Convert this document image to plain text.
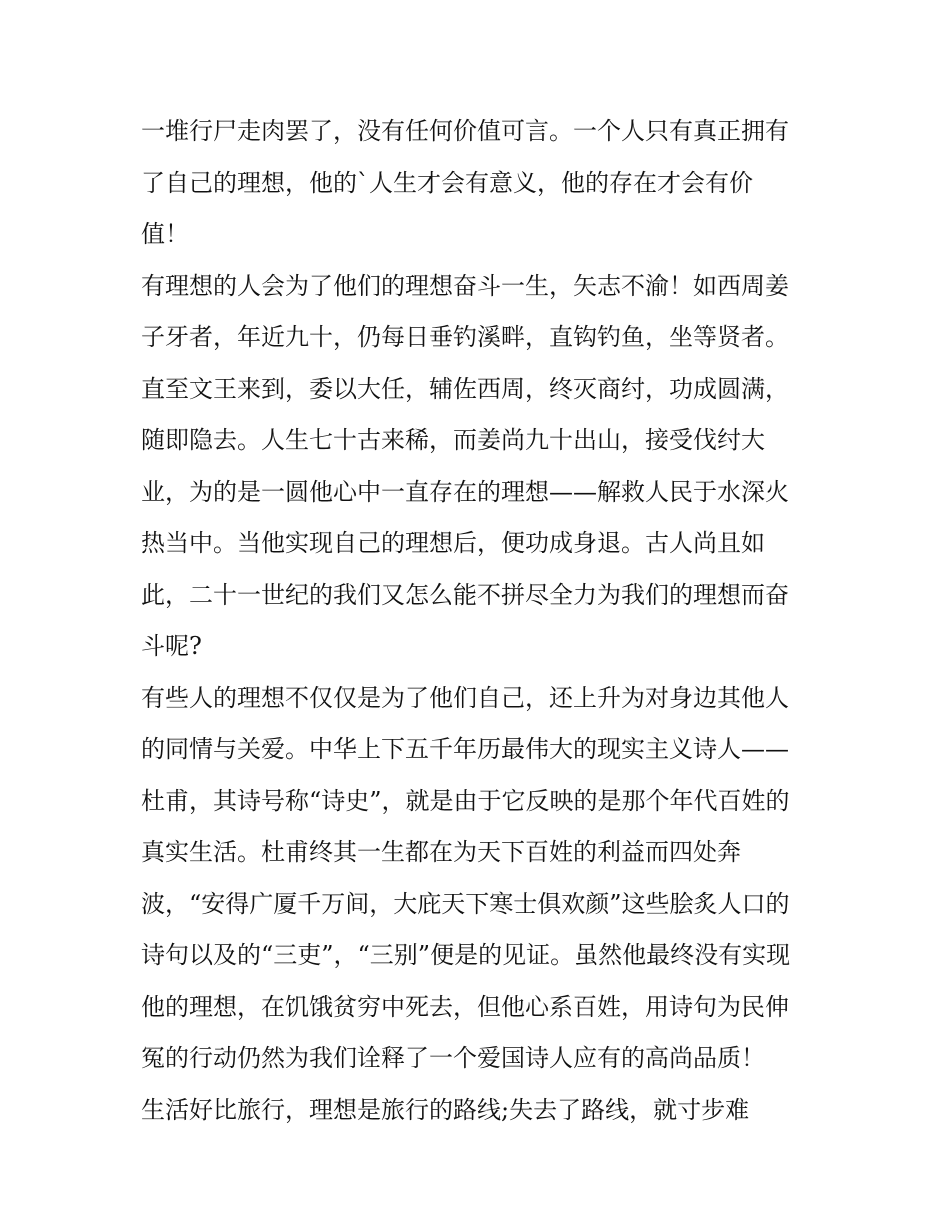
一堆行尸走肉罢了，没有任何价值可言。一个人只有真正拥有
了自己的理想，他的`人生才会有意义，他的存在才会有价
值！
有理想的人会为了他们的理想奋斗一生，矢志不渝！如西周姜
子牙者，年近九十，仍每日垂钓溪畔，直钩钓鱼，坐等贤者。
直至文王来到，委以大任，辅佐西周，终灭商纣，功成圆满，
随即隐去。人生七十古来稀，而姜尚九十出山，接受伐纣大
业，为的是一圆他心中一直存在的理想——解救人民于水深火
热当中。当他实现自己的理想后，便功成身退。古人尚且如
此，二十一世纪的我们又怎么能不拼尽全力为我们的理想而奋
斗呢?
有些人的理想不仅仅是为了他们自己，还上升为对身边其他人
的同情与关爱。中华上下五千年历最伟大的现实主义诗人——
杜甫，其诗号称“诗史”，就是由于它反映的是那个年代百姓的
真实生活。杜甫终其一生都在为天下百姓的利益而四处奔
波，“安得广厦千万间，大庇天下寒士俱欢颜”这些脍炙人口的
诗句以及的“三吏”，“三别”便是的见证。虽然他最终没有实现
他的理想，在饥饿贫穷中死去，但他心系百姓，用诗句为民伸
冤的行动仍然为我们诠释了一个爱国诗人应有的高尚品质！
生活好比旅行，理想是旅行的路线;失去了路线，就寸步难
